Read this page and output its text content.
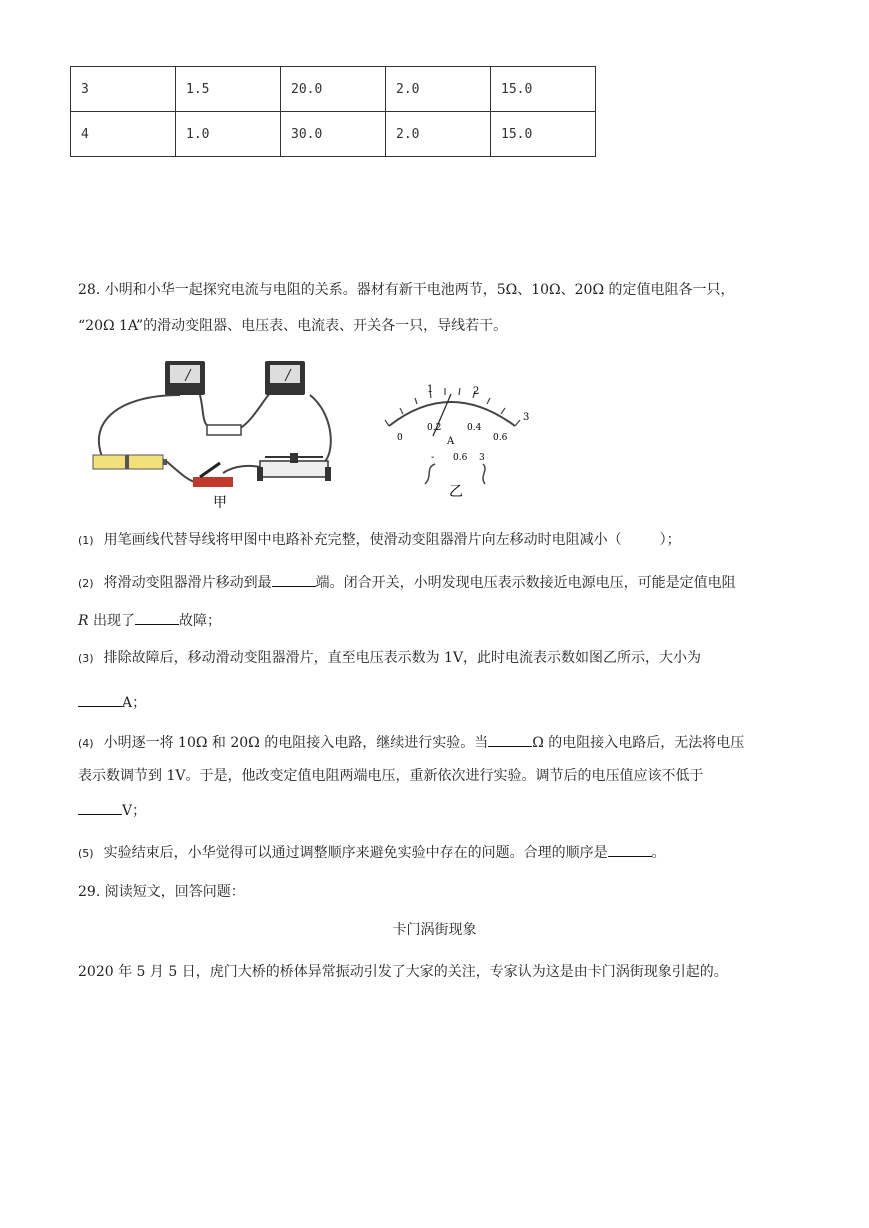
3	1.5	20.0	2.0	15.0
4	1.0	30.0	2.0	15.0
28. 小明和小华一起探究电流与电阻的关系。器材有新干电池两节，5Ω、10Ω、20Ω 的定值电阻各一只，
“20Ω 1A”的滑动变阻器、电压表、电流表、开关各一只，导线若干。
甲
1	2
3
0
0.2	0.4
0.6
A
- 0.6 3
乙
(1) 用笔画线代替导线将甲图中电路补充完整，使滑动变阻器滑片向左移动时电阻减小（	）；
(2) 将滑动变阻器滑片移动到最	端。闭合开关，小明发现电压表示数接近电源电压，可能是定值电阻
R 出现了	故障；
(3) 排除故障后，移动滑动变阻器滑片，直至电压表示数为 1V，此时电流表示数如图乙所示，大小为
A；
(4) 小明逐一将 10Ω 和 20Ω 的电阻接入电路，继续进行实验。当	Ω 的电阻接入电路后，无法将电压
表示数调节到 1V。于是，他改变定值电阻两端电压，重新依次进行实验。调节后的电压值应该不低于
V；
(5) 实验结束后，小华觉得可以通过调整顺序来避免实验中存在的问题。合理的顺序是	。
29. 阅读短文，回答问题：
卡门涡街现象
2020 年 5 月 5 日，虎门大桥的桥体异常振动引发了大家的关注，专家认为这是由卡门涡街现象引起的。
